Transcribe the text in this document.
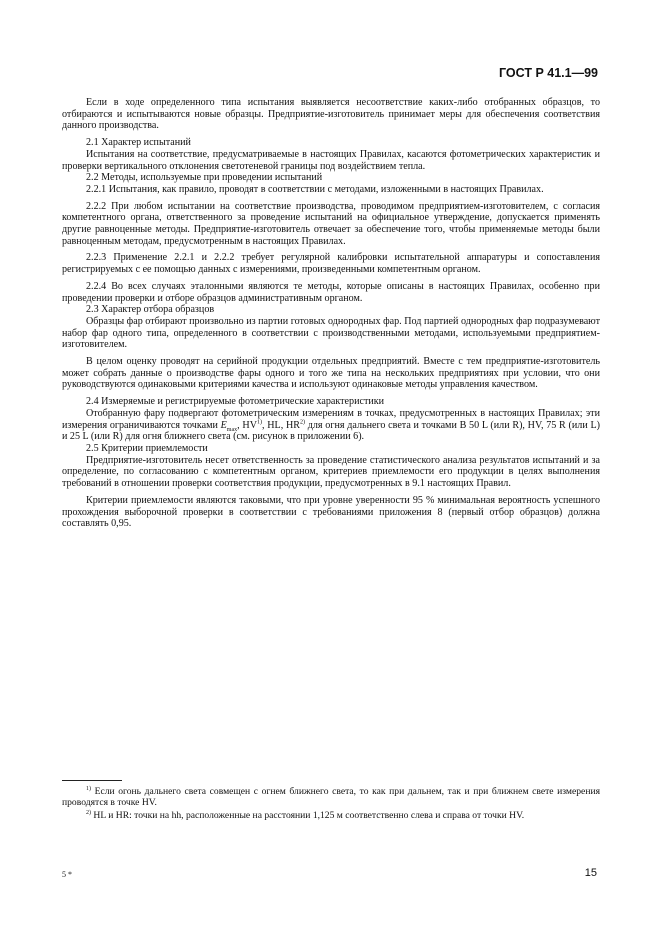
ГОСТ Р 41.1—99

Если в ходе определенного типа испытания выявляется несоответствие каких-либо отобранных образцов, то отбираются и испытываются новые образцы. Предприятие-изготовитель принимает меры для обеспечения соответствия данного производства.

2.1 Характер испытаний

Испытания на соответствие, предусматриваемые в настоящих Правилах, касаются фотометрических характеристик и проверки вертикального отклонения светотеневой границы под воздействием тепла.

2.2 Методы, используемые при проведении испытаний

2.2.1 Испытания, как правило, проводят в соответствии с методами, изложенными в настоящих Правилах.

2.2.2 При любом испытании на соответствие производства, проводимом предприятием-изготовителем, с согласия компетентного органа, ответственного за проведение испытаний на официальное утверждение, допускается применять другие равноценные методы. Предприятие-изготовитель отвечает за обеспечение того, чтобы применяемые методы были равноценным методам, предусмотренным в настоящих Правилах.

2.2.3 Применение 2.2.1 и 2.2.2 требует регулярной калибровки испытательной аппаратуры и сопоставления регистрируемых с ее помощью данных с измерениями, произведенными компетентным органом.

2.2.4 Во всех случаях эталонными являются те методы, которые описаны в настоящих Правилах, особенно при проведении проверки и отборе образцов административным органом.

2.3 Характер отбора образцов

Образцы фар отбирают произвольно из партии готовых однородных фар. Под партией однородных фар подразумевают набор фар одного типа, определенного в соответствии с производственными методами, используемыми предприятием-изготовителем.

В целом оценку проводят на серийной продукции отдельных предприятий. Вместе с тем предприятие-изготовитель может собрать данные о производстве фары одного и того же типа на нескольких предприятиях при условии, что они руководствуются одинаковыми критериями качества и используют одинаковые методы управления качеством.

2.4 Измеряемые и регистрируемые фотометрические характеристики

Отобранную фару подвергают фотометрическим измерениям в точках, предусмотренных в настоящих Правилах; эти измерения ограничиваются точками $E_{max}$, HV$^{1)}$, HL, HR$^{2)}$ для огня дальнего света и точками B 50 L (или R), HV, 75 R (или L) и 25 L (или R) для огня ближнего света (см. рисунок в приложении 6).

2.5 Критерии приемлемости

Предприятие-изготовитель несет ответственность за проведение статистического анализа результатов испытаний и за определение, по согласованию с компетентным органом, критериев приемлемости его продукции в целях выполнения требований в отношении проверки соответствия продукции, предусмотренных в 9.1 настоящих Правил.

Критерии приемлемости являются таковыми, что при уровне уверенности 95 % минимальная вероятность успешного прохождения выборочной проверки в соответствии с требованиями приложения 8 (первый отбор образцов) должна составлять 0,95.

$^{1)}$ Если огонь дальнего света совмещен с огнем ближнего света, то как при дальнем, так и при ближнем свете измерения проводятся в точке HV.

$^{2)}$ HL и HR: точки на hh, расположенные на расстоянии 1,125 м соответственно слева и справа от точки HV.

5 *	15
